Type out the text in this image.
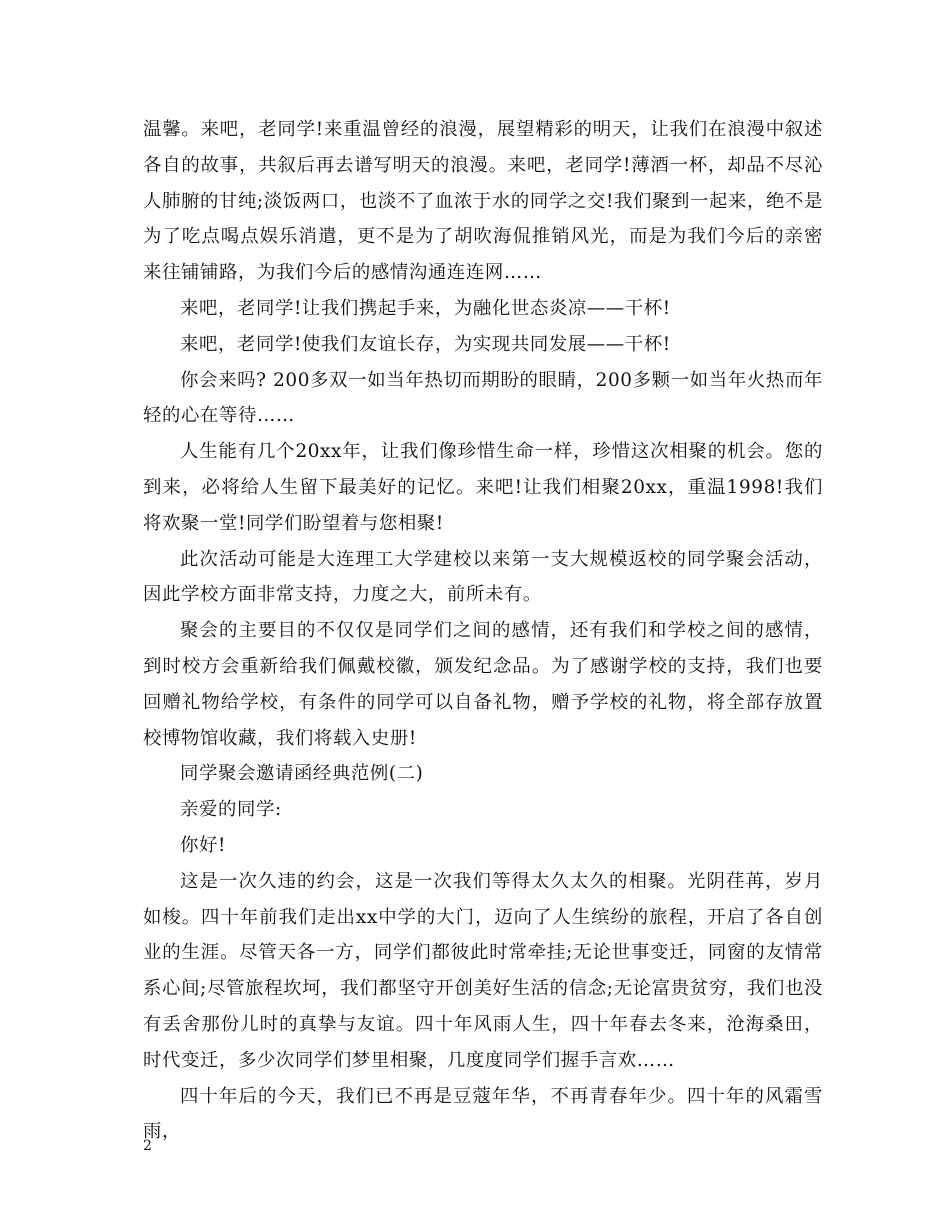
温馨。来吧，老同学!来重温曾经的浪漫，展望精彩的明天，让我们在浪漫中叙述各自的故事，共叙后再去谱写明天的浪漫。来吧，老同学!薄酒一杯，却品不尽沁人肺腑的甘纯;淡饭两口，也淡不了血浓于水的同学之交!我们聚到一起来，绝不是为了吃点喝点娱乐消遣，更不是为了胡吹海侃推销风光，而是为我们今后的亲密来往铺铺路，为我们今后的感情沟通连连网……

来吧，老同学!让我们携起手来，为融化世态炎凉——干杯!

来吧，老同学!使我们友谊长存，为实现共同发展——干杯!

你会来吗? 200多双一如当年热切而期盼的眼睛，200多颗一如当年火热而年轻的心在等待……

人生能有几个20xx年，让我们像珍惜生命一样，珍惜这次相聚的机会。您的到来，必将给人生留下最美好的记忆。来吧!让我们相聚20xx，重温1998!我们将欢聚一堂!同学们盼望着与您相聚!

此次活动可能是大连理工大学建校以来第一支大规模返校的同学聚会活动，因此学校方面非常支持，力度之大，前所未有。

聚会的主要目的不仅仅是同学们之间的感情，还有我们和学校之间的感情，到时校方会重新给我们佩戴校徽，颁发纪念品。为了感谢学校的支持，我们也要回赠礼物给学校，有条件的同学可以自备礼物，赠予学校的礼物，将全部存放置校博物馆收藏，我们将载入史册!

同学聚会邀请函经典范例(二)

亲爱的同学:

你好!

这是一次久违的约会，这是一次我们等得太久太久的相聚。光阴荏苒，岁月如梭。四十年前我们走出xx中学的大门，迈向了人生缤纷的旅程，开启了各自创业的生涯。尽管天各一方，同学们都彼此时常牵挂;无论世事变迁，同窗的友情常系心间;尽管旅程坎坷，我们都坚守开创美好生活的信念;无论富贵贫穷，我们也没有丢舍那份儿时的真挚与友谊。四十年风雨人生，四十年春去冬来，沧海桑田，时代变迁，多少次同学们梦里相聚，几度度同学们握手言欢……

四十年后的今天，我们已不再是豆蔻年华，不再青春年少。四十年的风霜雪雨，

2
